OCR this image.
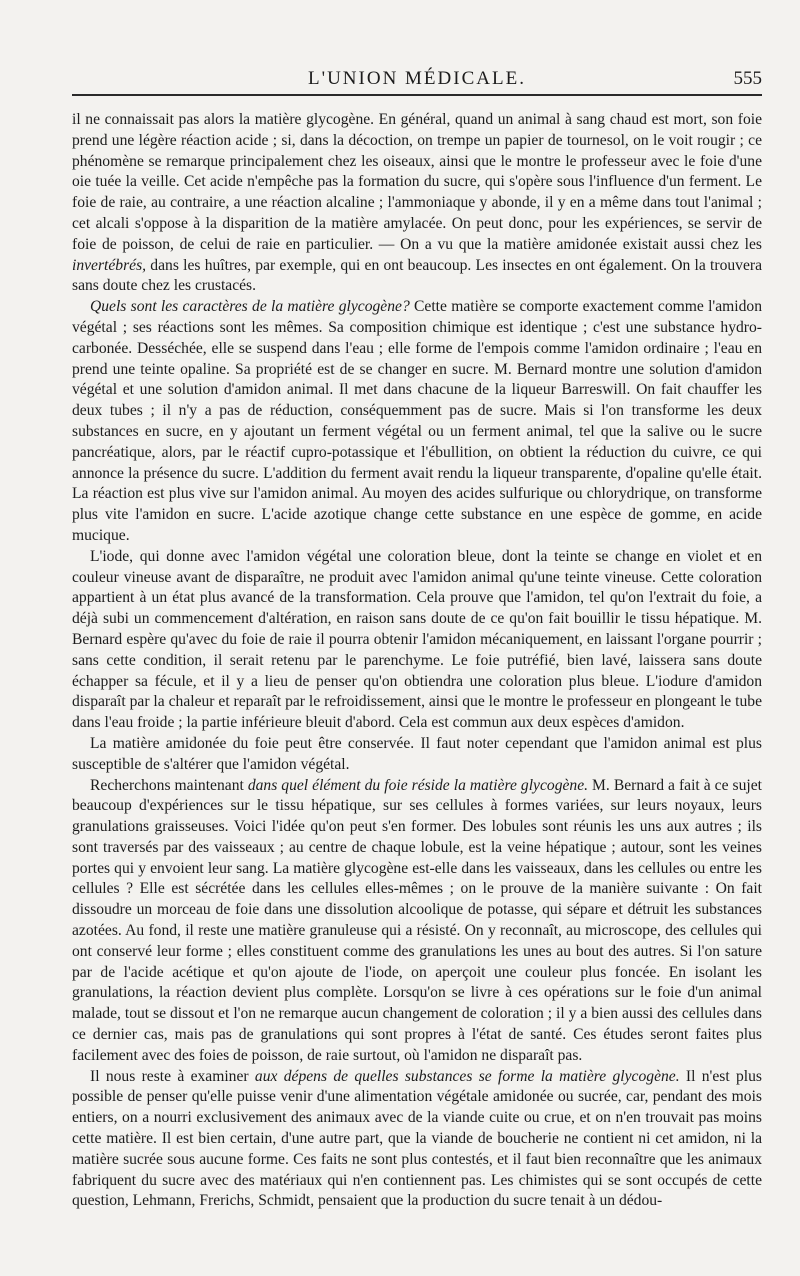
L'UNION MÉDICALE.	555

il ne connaissait pas alors la matière glycogène. En général, quand un animal à sang chaud est mort, son foie prend une légère réaction acide ; si, dans la décoction, on trempe un papier de tournesol, on le voit rougir ; ce phénomène se remarque principalement chez les oiseaux, ainsi que le montre le professeur avec le foie d'une oie tuée la veille. Cet acide n'empêche pas la formation du sucre, qui s'opère sous l'influence d'un ferment. Le foie de raie, au contraire, a une réaction alcaline ; l'ammoniaque y abonde, il y en a même dans tout l'animal ; cet alcali s'oppose à la disparition de la matière amylacée. On peut donc, pour les expériences, se servir de foie de poisson, de celui de raie en particulier. — On a vu que la matière amidonée existait aussi chez les invertébrés, dans les huîtres, par exemple, qui en ont beaucoup. Les insectes en ont également. On la trouvera sans doute chez les crustacés.

Quels sont les caractères de la matière glycogène? Cette matière se comporte exactement comme l'amidon végétal ; ses réactions sont les mêmes. Sa composition chimique est identique ; c'est une substance hydro-carbonée. Desséchée, elle se suspend dans l'eau ; elle forme de l'empois comme l'amidon ordinaire ; l'eau en prend une teinte opaline. Sa propriété est de se changer en sucre. M. Bernard montre une solution d'amidon végétal et une solution d'amidon animal. Il met dans chacune de la liqueur Barreswill. On fait chauffer les deux tubes ; il n'y a pas de réduction, conséquemment pas de sucre. Mais si l'on transforme les deux substances en sucre, en y ajoutant un ferment végétal ou un ferment animal, tel que la salive ou le sucre pancréatique, alors, par le réactif cupro-potassique et l'ébullition, on obtient la réduction du cuivre, ce qui annonce la présence du sucre. L'addition du ferment avait rendu la liqueur transparente, d'opaline qu'elle était. La réaction est plus vive sur l'amidon animal. Au moyen des acides sulfurique ou chlorydrique, on transforme plus vite l'amidon en sucre. L'acide azotique change cette substance en une espèce de gomme, en acide mucique.

L'iode, qui donne avec l'amidon végétal une coloration bleue, dont la teinte se change en violet et en couleur vineuse avant de disparaître, ne produit avec l'amidon animal qu'une teinte vineuse. Cette coloration appartient à un état plus avancé de la transformation. Cela prouve que l'amidon, tel qu'on l'extrait du foie, a déjà subi un commencement d'altération, en raison sans doute de ce qu'on fait bouillir le tissu hépatique. M. Bernard espère qu'avec du foie de raie il pourra obtenir l'amidon mécaniquement, en laissant l'organe pourrir ; sans cette condition, il serait retenu par le parenchyme. Le foie putréfié, bien lavé, laissera sans doute échapper sa fécule, et il y a lieu de penser qu'on obtiendra une coloration plus bleue. L'iodure d'amidon disparaît par la chaleur et reparaît par le refroidissement, ainsi que le montre le professeur en plongeant le tube dans l'eau froide ; la partie inférieure bleuit d'abord. Cela est commun aux deux espèces d'amidon.

La matière amidonée du foie peut être conservée. Il faut noter cependant que l'amidon animal est plus susceptible de s'altérer que l'amidon végétal.

Recherchons maintenant dans quel élément du foie réside la matière glycogène. M. Bernard a fait à ce sujet beaucoup d'expériences sur le tissu hépatique, sur ses cellules à formes variées, sur leurs noyaux, leurs granulations graisseuses. Voici l'idée qu'on peut s'en former. Des lobules sont réunis les uns aux autres ; ils sont traversés par des vaisseaux ; au centre de chaque lobule, est la veine hépatique ; autour, sont les veines portes qui y envoient leur sang. La matière glycogène est-elle dans les vaisseaux, dans les cellules ou entre les cellules ? Elle est sécrétée dans les cellules elles-mêmes ; on le prouve de la manière suivante : On fait dissoudre un morceau de foie dans une dissolution alcoolique de potasse, qui sépare et détruit les substances azotées. Au fond, il reste une matière granuleuse qui a résisté. On y reconnaît, au microscope, des cellules qui ont conservé leur forme ; elles constituent comme des granulations les unes au bout des autres. Si l'on sature par de l'acide acétique et qu'on ajoute de l'iode, on aperçoit une couleur plus foncée. En isolant les granulations, la réaction devient plus complète. Lorsqu'on se livre à ces opérations sur le foie d'un animal malade, tout se dissout et l'on ne remarque aucun changement de coloration ; il y a bien aussi des cellules dans ce dernier cas, mais pas de granulations qui sont propres à l'état de santé. Ces études seront faites plus facilement avec des foies de poisson, de raie surtout, où l'amidon ne disparaît pas.

Il nous reste à examiner aux dépens de quelles substances se forme la matière glycogène. Il n'est plus possible de penser qu'elle puisse venir d'une alimentation végétale amidonée ou sucrée, car, pendant des mois entiers, on a nourri exclusivement des animaux avec de la viande cuite ou crue, et on n'en trouvait pas moins cette matière. Il est bien certain, d'une autre part, que la viande de boucherie ne contient ni cet amidon, ni la matière sucrée sous aucune forme. Ces faits ne sont plus contestés, et il faut bien reconnaître que les animaux fabriquent du sucre avec des matériaux qui n'en contiennent pas. Les chimistes qui se sont occupés de cette question, Lehmann, Frerichs, Schmidt, pensaient que la production du sucre tenait à un dédou-
